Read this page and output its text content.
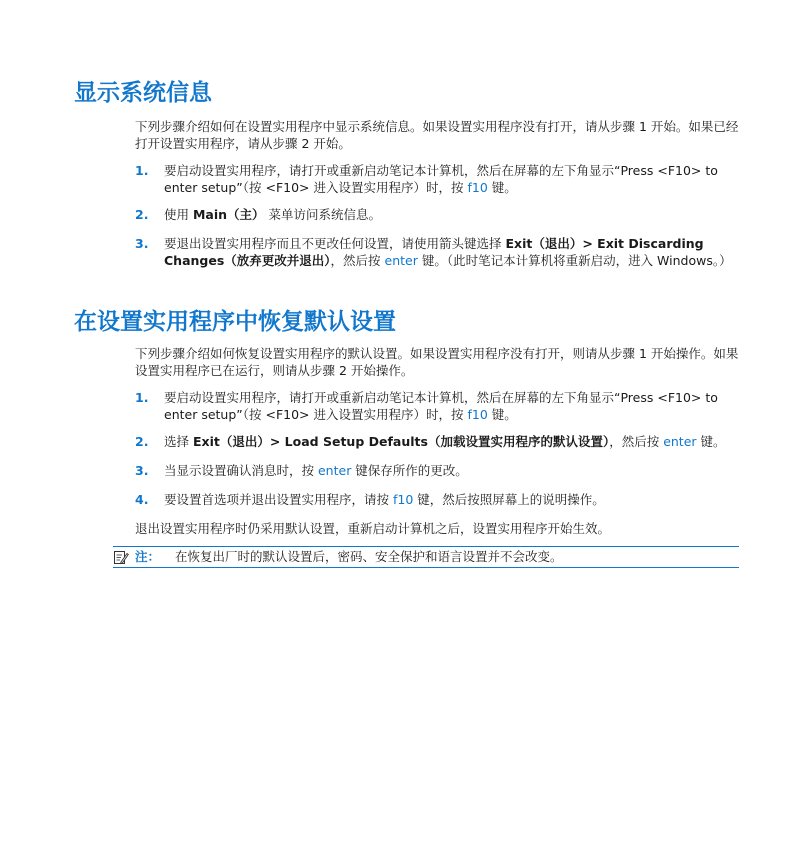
显示系统信息

下列步骤介绍如何在设置实用程序中显示系统信息。如果设置实用程序没有打开，请从步骤 1 开始。如果已经打开设置实用程序，请从步骤 2 开始。

1. 要启动设置实用程序，请打开或重新启动笔记本计算机，然后在屏幕的左下角显示“Press <F10> to enter setup”（按 <F10> 进入设置实用程序）时，按 f10 键。
2. 使用 Main（主） 菜单访问系统信息。
3. 要退出设置实用程序而且不更改任何设置，请使用箭头键选择 Exit（退出）> Exit Discarding Changes（放弃更改并退出），然后按 enter 键。（此时笔记本计算机将重新启动，进入 Windows。）
在设置实用程序中恢复默认设置

下列步骤介绍如何恢复设置实用程序的默认设置。如果设置实用程序没有打开，则请从步骤 1 开始操作。如果设置实用程序已在运行，则请从步骤 2 开始操作。

1. 要启动设置实用程序，请打开或重新启动笔记本计算机，然后在屏幕的左下角显示“Press <F10> to enter setup”（按 <F10> 进入设置实用程序）时，按 f10 键。
2. 选择 Exit（退出）> Load Setup Defaults（加载设置实用程序的默认设置），然后按 enter 键。
3. 当显示设置确认消息时，按 enter 键保存所作的更改。
4. 要设置首选项并退出设置实用程序，请按 f10 键，然后按照屏幕上的说明操作。

退出设置实用程序时仍采用默认设置，重新启动计算机之后，设置实用程序开始生效。

注： 在恢复出厂时的默认设置后，密码、安全保护和语言设置并不会改变。
